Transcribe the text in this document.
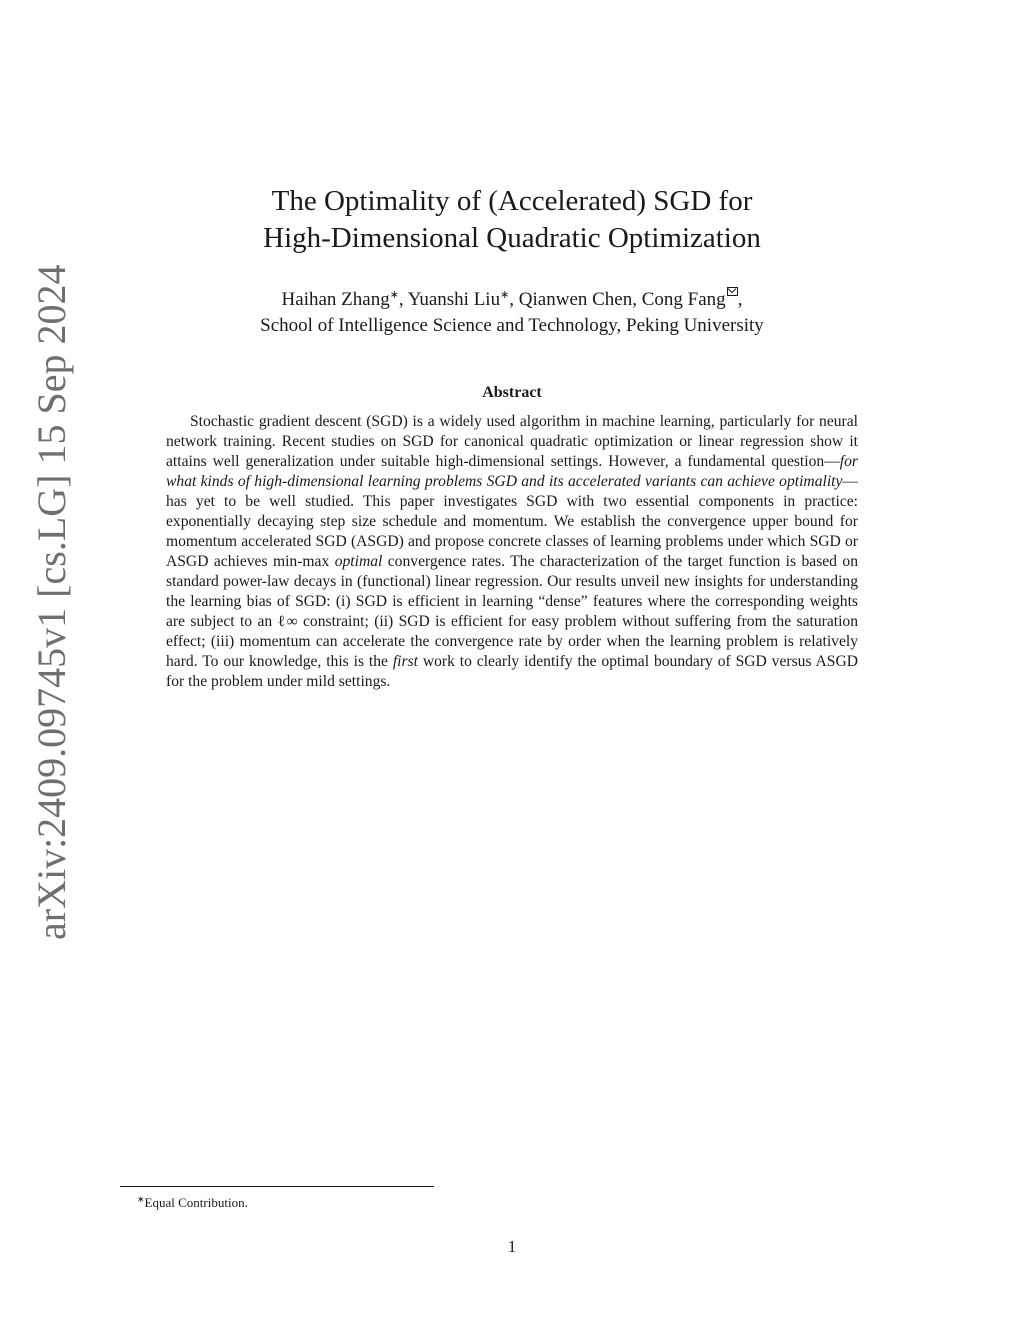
arXiv:2409.09745v1 [cs.LG] 15 Sep 2024
The Optimality of (Accelerated) SGD for
High-Dimensional Quadratic Optimization
Haihan Zhang∗, Yuanshi Liu∗, Qianwen Chen, Cong Fang ,
School of Intelligence Science and Technology, Peking University
Abstract

Stochastic gradient descent (SGD) is a widely used algorithm in machine learning, particularly for neural network training. Recent studies on SGD for canonical quadratic optimization or linear regression show it attains well generalization under suitable high-dimensional settings. However, a fundamental question—for what kinds of high-dimensional learning problems SGD and its accelerated variants can achieve optimality— has yet to be well studied. This paper investigates SGD with two essential components in practice: exponentially decaying step size schedule and momentum. We establish the convergence upper bound for momentum accelerated SGD (ASGD) and propose concrete classes of learning problems under which SGD or ASGD achieves min-max optimal convergence rates. The characterization of the target function is based on standard power-law decays in (functional) linear regression. Our results unveil new insights for understanding the learning bias of SGD: (i) SGD is efficient in learning “dense” features where the corresponding weights are subject to an ℓ∞ constraint; (ii) SGD is efficient for easy problem without suffering from the saturation effect; (iii) momentum can accelerate the convergence rate by order when the learning problem is relatively hard. To our knowledge, this is the first work to clearly identify the optimal boundary of SGD versus ASGD for the problem under mild settings.

∗Equal Contribution.
1
